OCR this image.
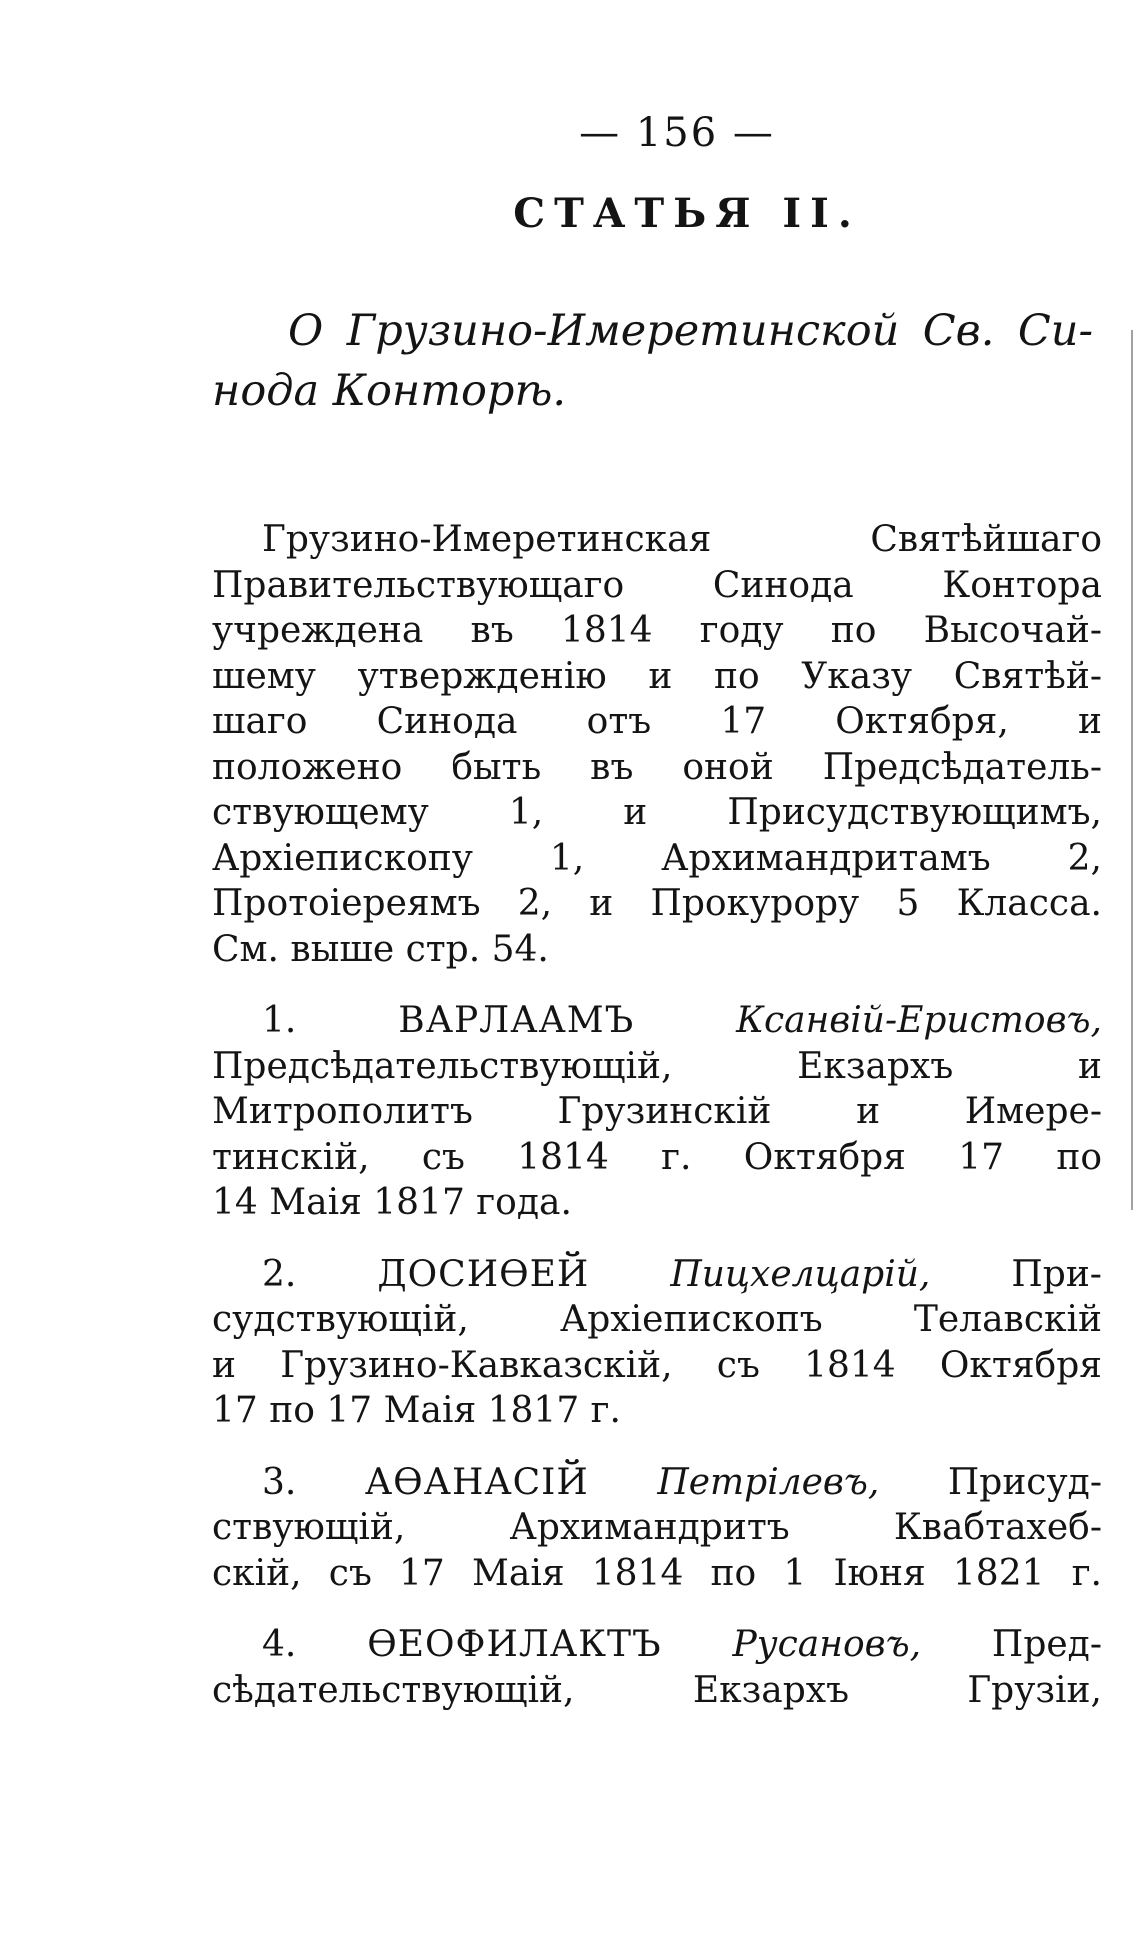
— 156 —
СТАТЬЯ II.
О Грузино-Имеретинской Св. Си-
нода Конторѣ.
Грузино-Имеретинская Святѣйшаго
Правительствующаго Синода Контора
учреждена въ 1814 году по Высочай-
шему утвержденiю и по Указу Святѣй-
шаго Синода отъ 17 Октября, и
положено быть въ оной Предсѣдатель-
ствующему 1, и Присудствующимъ,
Архiепископу 1, Архимандритамъ 2,
Протоiереямъ 2, и Прокурору 5 Класса.
См. выше стр. 54.
1.	ВАРЛААМЪ	Ксанвiй-Еристовъ,
Предсѣдательствующiй, Екзархъ и
Митрополитъ Грузинскiй и Имере-
тинскiй, съ 1814 г. Октября 17 по
14 Маiя 1817 года.
2. ДОСИѲЕЙ Пицхелцарiй, При-
судствующiй, Архiепископъ Телавскiй
и Грузино-Кавказскiй, съ 1814 Октября
17 по 17 Маiя 1817 г.
3. АѲАНАСIЙ Петрiлевъ, Присуд-
ствующiй, Архимандритъ Квабтахеб-
скiй, съ 17 Маiя 1814 по 1 Iюня 1821 г.
4. ѲЕОФИЛАКТЪ Русановъ, Пред-
сѣдательствующiй, Екзархъ Грузiи,
